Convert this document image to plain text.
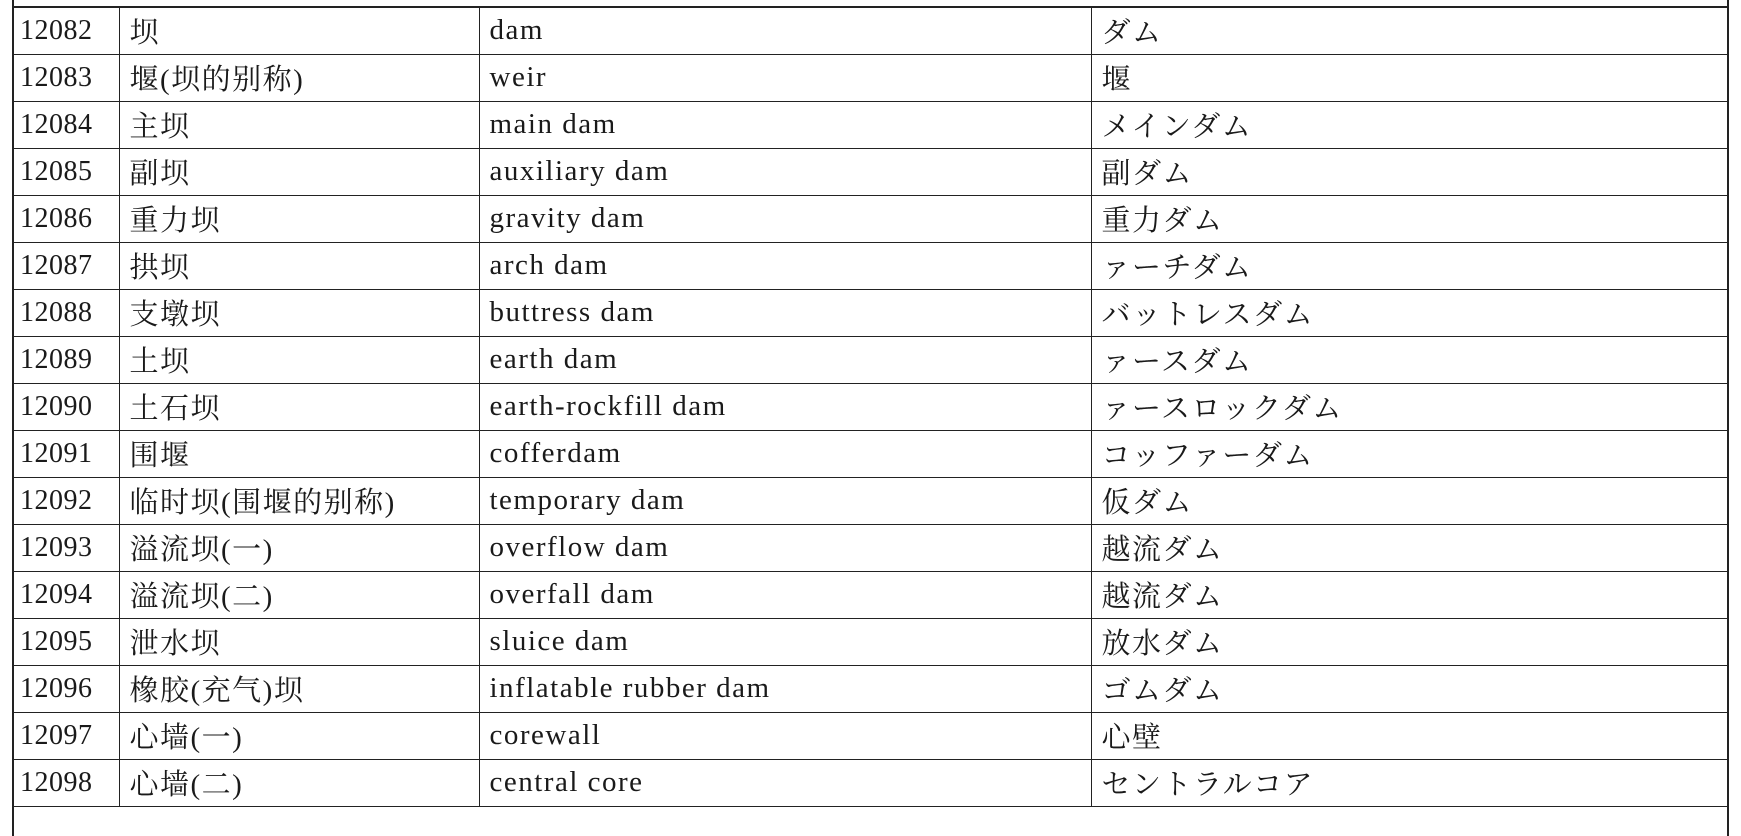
12082	坝	dam	ダム
12083	堰(坝的别称)	weir	堰
12084	主坝	main dam	メインダム
12085	副坝	auxiliary dam	副ダム
12086	重力坝	gravity dam	重力ダム
12087	拱坝	arch dam	ァーチダム
12088	支墩坝	buttress dam	バットレスダム
12089	土坝	earth dam	ァースダム
12090	土石坝	earth-rockfill dam	ァースロックダム
12091	围堰	cofferdam	コッファーダム
12092	临时坝(围堰的别称)	temporary dam	仮ダム
12093	溢流坝(一)	overflow dam	越流ダム
12094	溢流坝(二)	overfall dam	越流ダム
12095	泄水坝	sluice dam	放水ダム
12096	橡胶(充气)坝	inflatable rubber dam	ゴムダム
12097	心墙(一)	corewall	心壁
12098	心墙(二)	central core	セントラルコア
